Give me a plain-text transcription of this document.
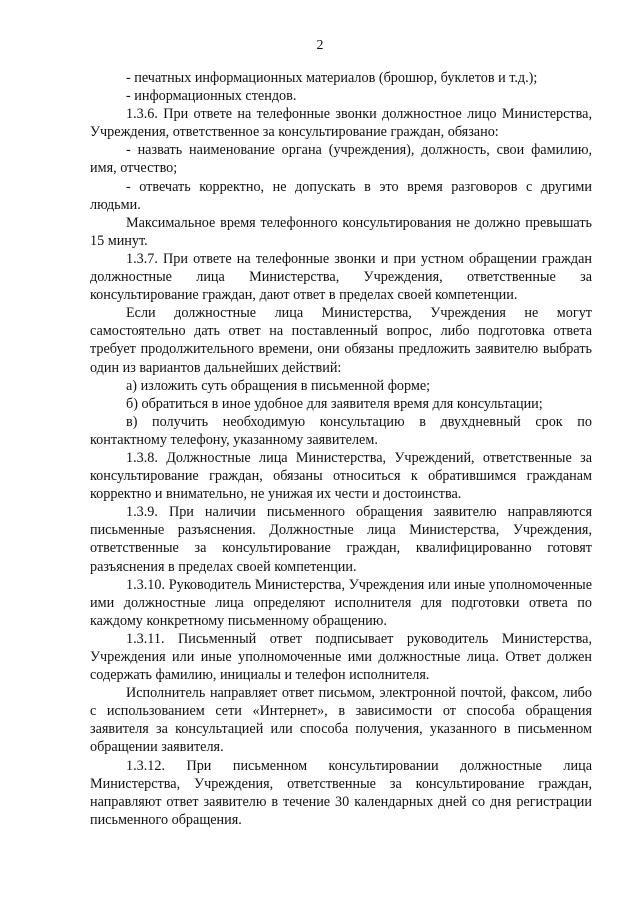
2

- печатных информационных материалов (брошюр, буклетов и т.д.);

- информационных стендов.

1.3.6. При ответе на телефонные звонки должностное лицо Министерства, Учреждения, ответственное за консультирование граждан, обязано:

- назвать наименование органа (учреждения), должность, свои фамилию, имя, отчество;

- отвечать корректно, не допускать в это время разговоров с другими людьми.

Максимальное время телефонного консультирования не должно превышать 15 минут.

1.3.7. При ответе на телефонные звонки и при устном обращении граждан должностные лица Министерства, Учреждения, ответственные за консультирование граждан, дают ответ в пределах своей компетенции.

Если должностные лица Министерства, Учреждения не могут самостоятельно дать ответ на поставленный вопрос, либо подготовка ответа требует продолжительного времени, они обязаны предложить заявителю выбрать один из вариантов дальнейших действий:

а) изложить суть обращения в письменной форме;

б) обратиться в иное удобное для заявителя время для консультации;

в) получить необходимую консультацию в двухдневный срок по контактному телефону, указанному заявителем.

1.3.8. Должностные лица Министерства, Учреждений, ответственные за консультирование граждан, обязаны относиться к обратившимся гражданам корректно и внимательно, не унижая их чести и достоинства.

1.3.9. При наличии письменного обращения заявителю направляются письменные разъяснения. Должностные лица Министерства, Учреждения, ответственные за консультирование граждан, квалифицированно готовят разъяснения в пределах своей компетенции.

1.3.10. Руководитель Министерства, Учреждения или иные уполномоченные ими должностные лица определяют исполнителя для подготовки ответа по каждому конкретному письменному обращению.

1.3.11. Письменный ответ подписывает руководитель Министерства, Учреждения или иные уполномоченные ими должностные лица. Ответ должен содержать фамилию, инициалы и телефон исполнителя.

Исполнитель направляет ответ письмом, электронной почтой, факсом, либо с использованием сети «Интернет», в зависимости от способа обращения заявителя за консультацией или способа получения, указанного в письменном обращении заявителя.

1.3.12. При письменном консультировании должностные лица Министерства, Учреждения, ответственные за консультирование граждан, направляют ответ заявителю в течение 30 календарных дней со дня регистрации письменного обращения.
